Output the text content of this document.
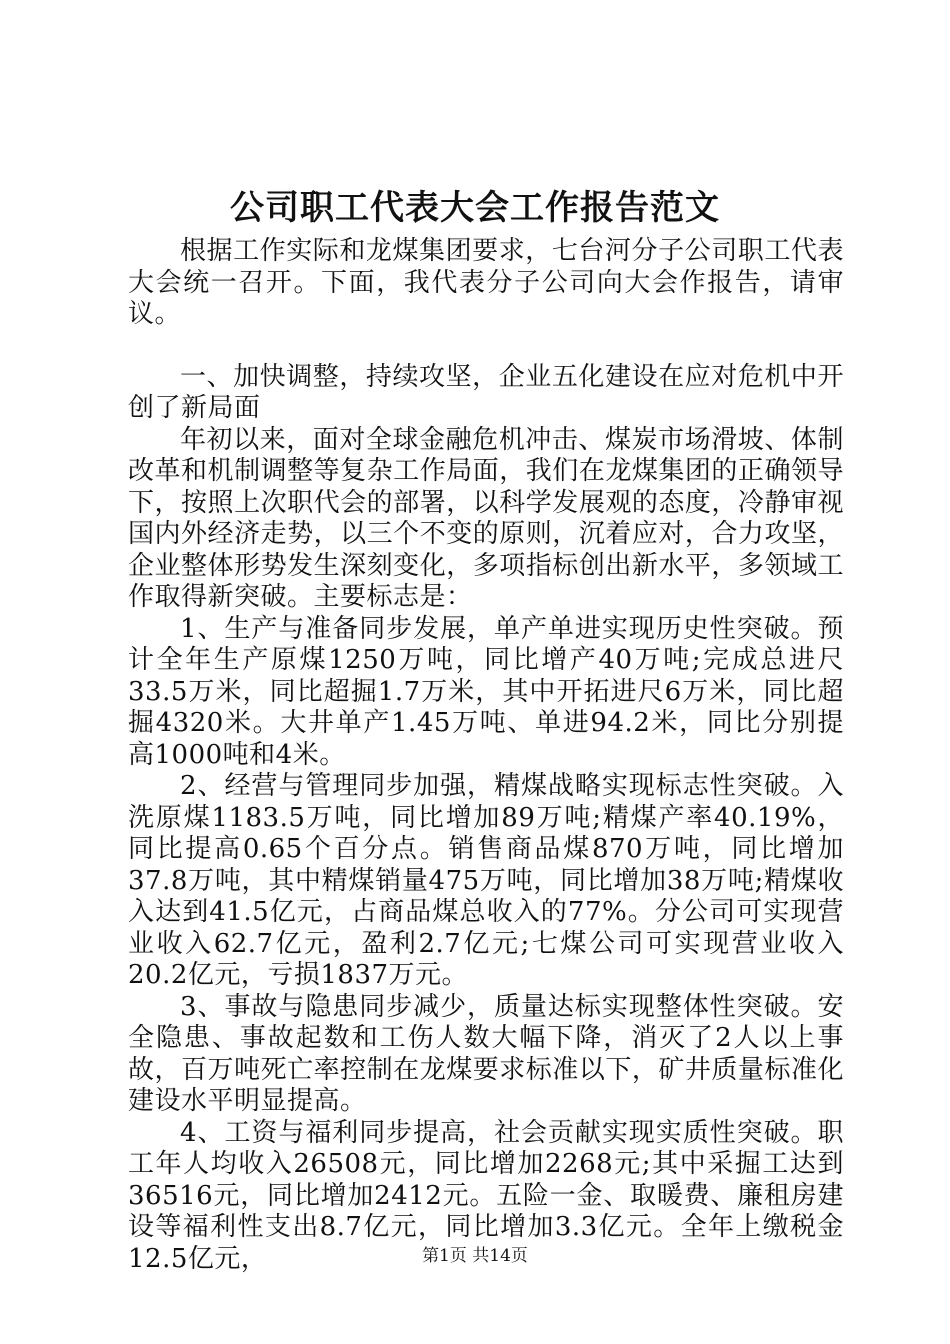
公司职工代表大会工作报告范文

根据工作实际和龙煤集团要求，七台河分子公司职工代表大会统一召开。下面，我代表分子公司向大会作报告，请审议。

一、加快调整，持续攻坚，企业五化建设在应对危机中开创了新局面

年初以来，面对全球金融危机冲击、煤炭市场滑坡、体制改革和机制调整等复杂工作局面，我们在龙煤集团的正确领导下，按照上次职代会的部署，以科学发展观的态度，冷静审视国内外经济走势，以三个不变的原则，沉着应对，合力攻坚，企业整体形势发生深刻变化，多项指标创出新水平，多领域工作取得新突破。主要标志是：

1、生产与准备同步发展，单产单进实现历史性突破。预计全年生产原煤1250万吨，同比增产40万吨;完成总进尺33.5万米，同比超掘1.7万米，其中开拓进尺6万米，同比超掘4320米。大井单产1.45万吨、单进94.2米，同比分别提高1000吨和4米。

2、经营与管理同步加强，精煤战略实现标志性突破。入洗原煤1183.5万吨，同比增加89万吨;精煤产率40.19%，同比提高0.65个百分点。销售商品煤870万吨，同比增加37.8万吨，其中精煤销量475万吨，同比增加38万吨;精煤收入达到41.5亿元，占商品煤总收入的77%。分公司可实现营业收入62.7亿元，盈利2.7亿元;七煤公司可实现营业收入20.2亿元，亏损1837万元。

3、事故与隐患同步减少，质量达标实现整体性突破。安全隐患、事故起数和工伤人数大幅下降，消灭了2人以上事故，百万吨死亡率控制在龙煤要求标准以下，矿井质量标准化建设水平明显提高。

4、工资与福利同步提高，社会贡献实现实质性突破。职工年人均收入26508元，同比增加2268元;其中采掘工达到36516元，同比增加2412元。五险一金、取暖费、廉租房建设等福利性支出8.7亿元，同比增加3.3亿元。全年上缴税金12.5亿元，	第1页 共14页
